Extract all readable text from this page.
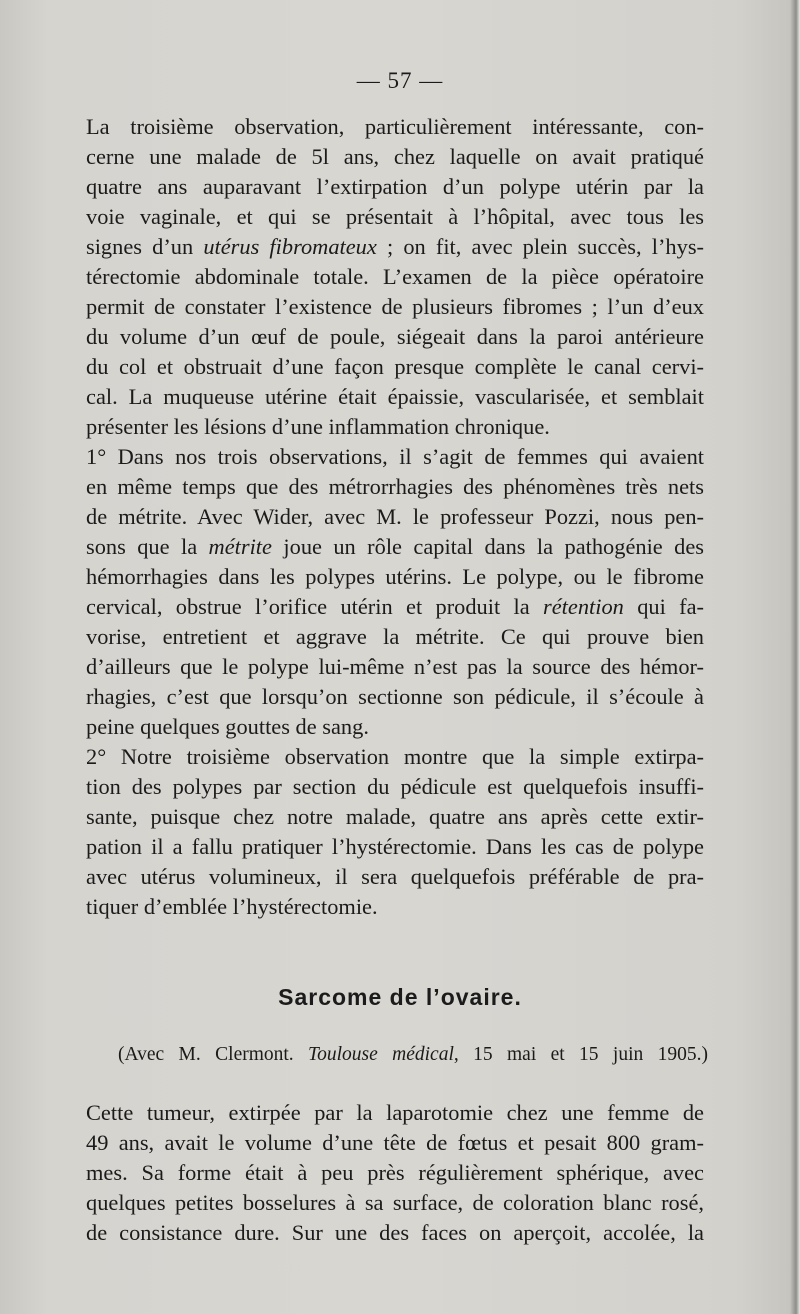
— 57 —
La troisième observation, particulièrement intéressante, con-
cerne une malade de 5l ans, chez laquelle on avait pratiqué
quatre ans auparavant l’extirpation d’un polype utérin par la
voie vaginale, et qui se présentait à l’hôpital, avec tous les
signes d’un utérus fibromateux ; on fit, avec plein succès, l’hys-
térectomie abdominale totale. L’examen de la pièce opératoire
permit de constater l’existence de plusieurs fibromes ; l’un d’eux
du volume d’un œuf de poule, siégeait dans la paroi antérieure
du col et obstruait d’une façon presque complète le canal cervi-
cal. La muqueuse utérine était épaissie, vascularisée, et semblait
présenter les lésions d’une inflammation chronique.
1° Dans nos trois observations, il s’agit de femmes qui avaient
en même temps que des métrorrhagies des phénomènes très nets
de métrite. Avec Wider, avec M. le professeur Pozzi, nous pen-
sons que la métrite joue un rôle capital dans la pathogénie des
hémorrhagies dans les polypes utérins. Le polype, ou le fibrome
cervical, obstrue l’orifice utérin et produit la rétention qui fa-
vorise, entretient et aggrave la métrite. Ce qui prouve bien
d’ailleurs que le polype lui-même n’est pas la source des hémor-
rhagies, c’est que lorsqu’on sectionne son pédicule, il s’écoule à
peine quelques gouttes de sang.
2° Notre troisième observation montre que la simple extirpa-
tion des polypes par section du pédicule est quelquefois insuffi-
sante, puisque chez notre malade, quatre ans après cette extir-
pation il a fallu pratiquer l’hystérectomie. Dans les cas de polype
avec utérus volumineux, il sera quelquefois préférable de pra-
tiquer d’emblée l’hystérectomie.
Sarcome de l’ovaire.
(Avec M. Clermont. Toulouse médical, 15 mai et 15 juin 1905.)
Cette tumeur, extirpée par la laparotomie chez une femme de
49 ans, avait le volume d’une tête de fœtus et pesait 800 gram-
mes. Sa forme était à peu près régulièrement sphérique, avec
quelques petites bosselures à sa surface, de coloration blanc rosé,
de consistance dure. Sur une des faces on aperçoit, accolée, la
